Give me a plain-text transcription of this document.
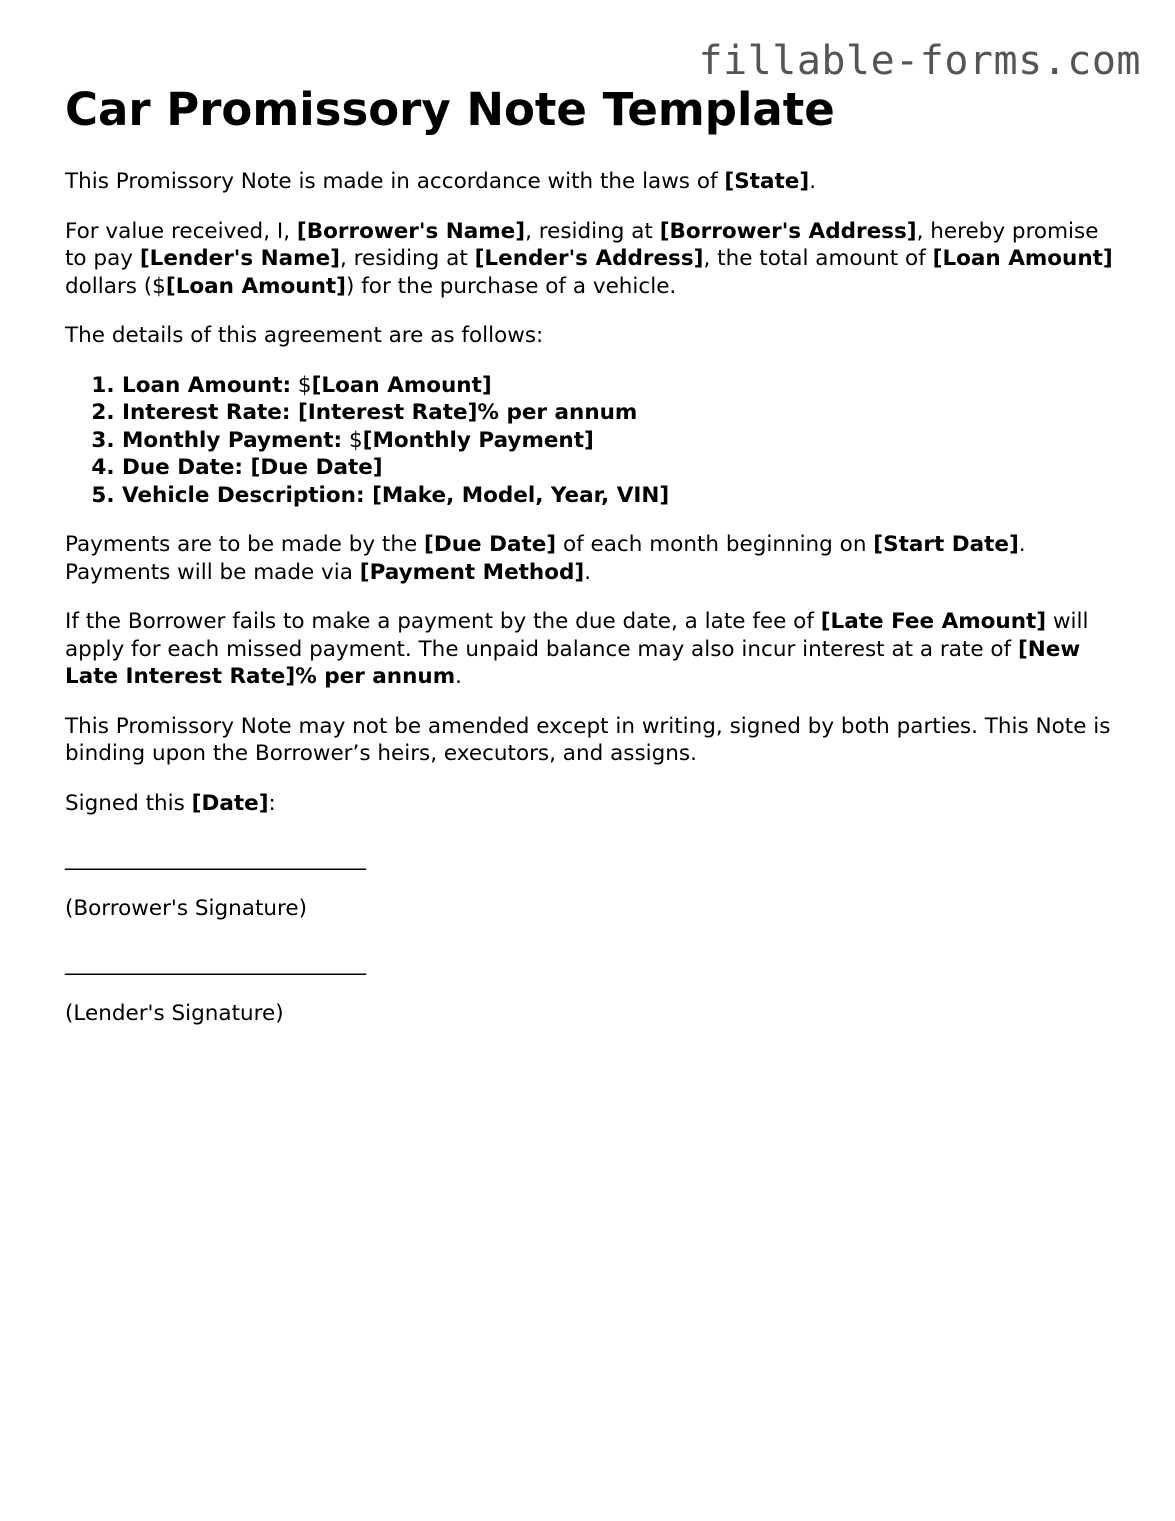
fillable-forms.com
Car Promissory Note Template

This Promissory Note is made in accordance with the laws of [State].

For value received, I, [Borrower's Name], residing at [Borrower's Address], hereby promise to pay [Lender's Name], residing at [Lender's Address], the total amount of [Loan Amount] dollars ($[Loan Amount]) for the purchase of a vehicle.

The details of this agreement are as follows:

1. Loan Amount: $[Loan Amount]
2. Interest Rate: [Interest Rate]% per annum
3. Monthly Payment: $[Monthly Payment]
4. Due Date: [Due Date]
5. Vehicle Description: [Make, Model, Year, VIN]

Payments are to be made by the [Due Date] of each month beginning on [Start Date]. Payments will be made via [Payment Method].

If the Borrower fails to make a payment by the due date, a late fee of [Late Fee Amount] will apply for each missed payment. The unpaid balance may also incur interest at a rate of [New Late Interest Rate]% per annum.

This Promissory Note may not be amended except in writing, signed by both parties. This Note is binding upon the Borrower’s heirs, executors, and assigns.

Signed this [Date]:

____________________________

(Borrower's Signature)

____________________________

(Lender's Signature)
